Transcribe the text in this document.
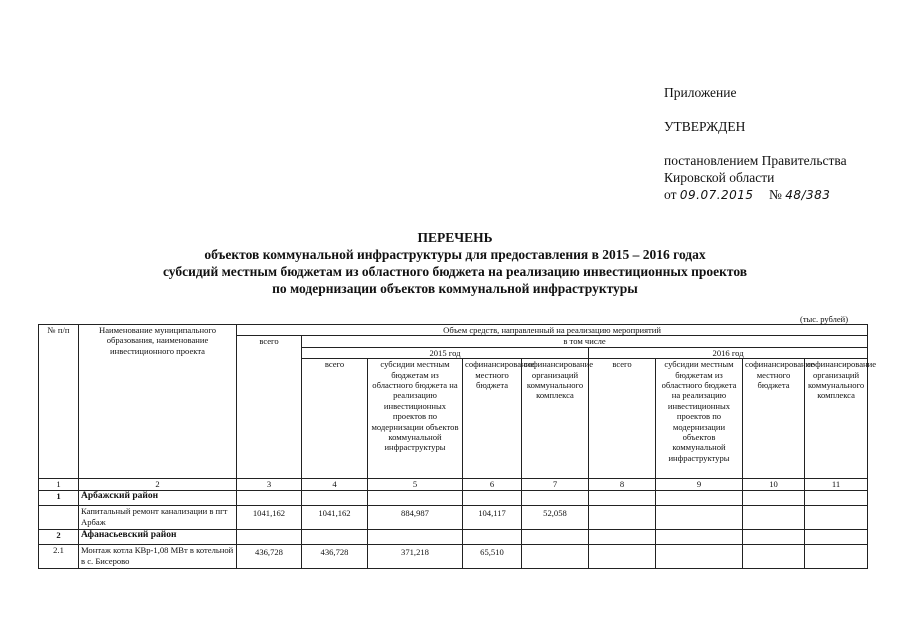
Приложение

УТВЕРЖДЕН

постановлением Правительства
Кировской области
от 09.07.2015 № 48/383
ПЕРЕЧЕНЬ
объектов коммунальной инфраструктуры для предоставления в 2015 – 2016 годах
субсидий местным бюджетам из областного бюджета на реализацию инвестиционных проектов
по модернизации объектов коммунальной инфраструктуры
(тыс. рублей)
№ п/п	Наименование муниципального образования, наименование инвестиционного проекта	Объем средств, направленный на реализацию мероприятий								
		всего	в том числе							
			2015 год				2016 год			
			всего	субсидии местным бюджетам из областного бюджета на реализацию инвестиционных проектов по модернизации объектов коммунальной инфраструктуры	софинансирование местного бюджета	софинансирование организаций коммунального комплекса	всего	субсидии местным бюджетам из областного бюджета на реализацию инвестиционных проектов по модернизации объектов коммунальной инфраструктуры	софинансирование местного бюджета	софинансирование организаций коммунального комплекса
1	2	3	4	5	6	7	8	9	10	11
1	Арбажский район									
	Капитальный ремонт канализации в пгт Арбаж	1041,162	1041,162	884,987	104,117	52,058				
2	Афанасьевский район									
2.1	Монтаж котла КВр-1,08 МВт в котельной в с. Бисерово	436,728	436,728	371,218	65,510					
